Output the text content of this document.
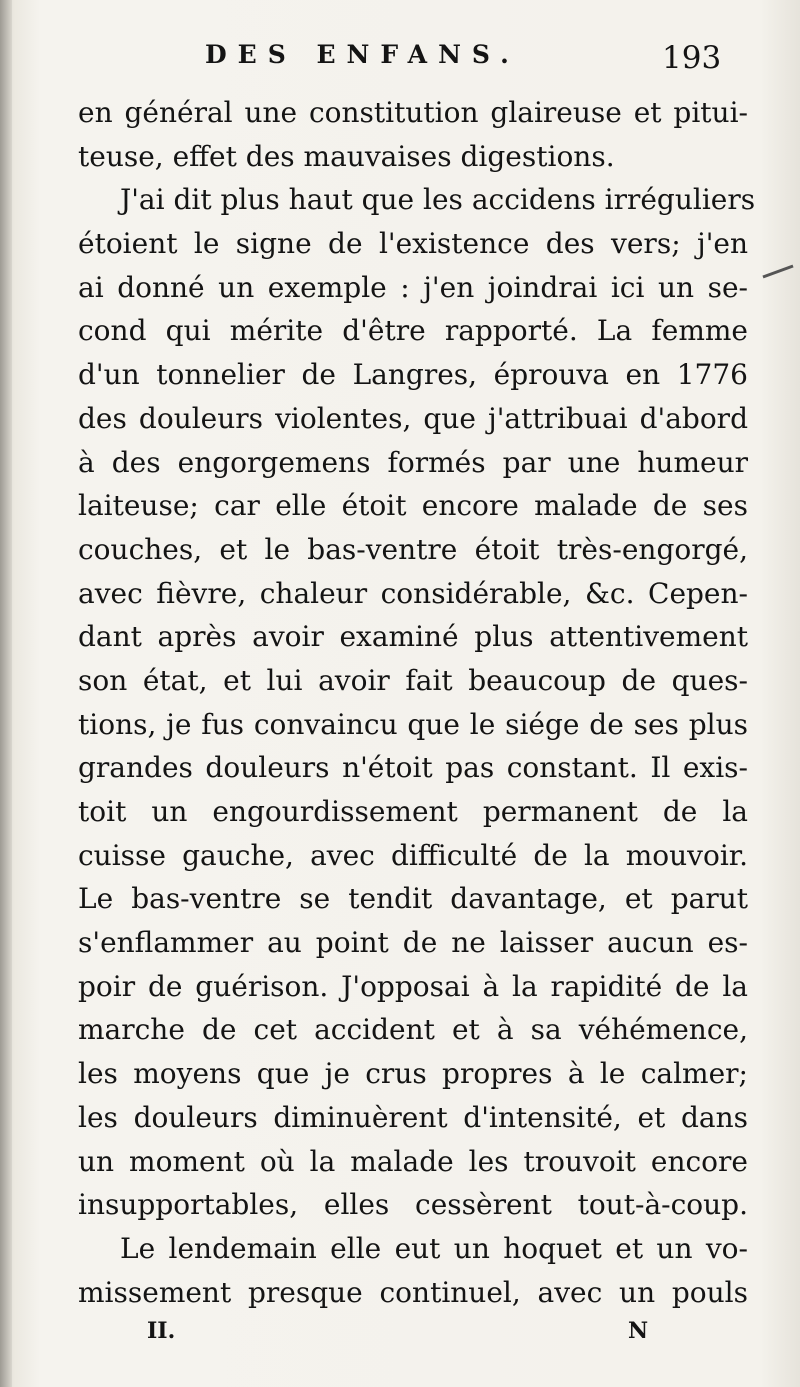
DES ENFANS.	193
en général une constitution glaireuse et pitui-
teuse, effet des mauvaises digestions.
J'ai dit plus haut que les accidens irréguliers
étoient le signe de l'existence des vers; j'en
ai donné un exemple : j'en joindrai ici un se-
cond qui mérite d'être rapporté. La femme
d'un tonnelier de Langres, éprouva en 1776
des douleurs violentes, que j'attribuai d'abord
à des engorgemens formés par une humeur
laiteuse; car elle étoit encore malade de ses
couches, et le bas-ventre étoit très-engorgé,
avec fièvre, chaleur considérable, &c. Cepen-
dant après avoir examiné plus attentivement
son état, et lui avoir fait beaucoup de ques-
tions, je fus convaincu que le siége de ses plus
grandes douleurs n'étoit pas constant. Il exis-
toit un engourdissement permanent de la
cuisse gauche, avec difficulté de la mouvoir.
Le bas-ventre se tendit davantage, et parut
s'enflammer au point de ne laisser aucun es-
poir de guérison. J'opposai à la rapidité de la
marche de cet accident et à sa véhémence,
les moyens que je crus propres à le calmer;
les douleurs diminuèrent d'intensité, et dans
un moment où la malade les trouvoit encore
insupportables, elles cessèrent tout-à-coup.
Le lendemain elle eut un hoquet et un vo-
missement presque continuel, avec un pouls
II.	N
